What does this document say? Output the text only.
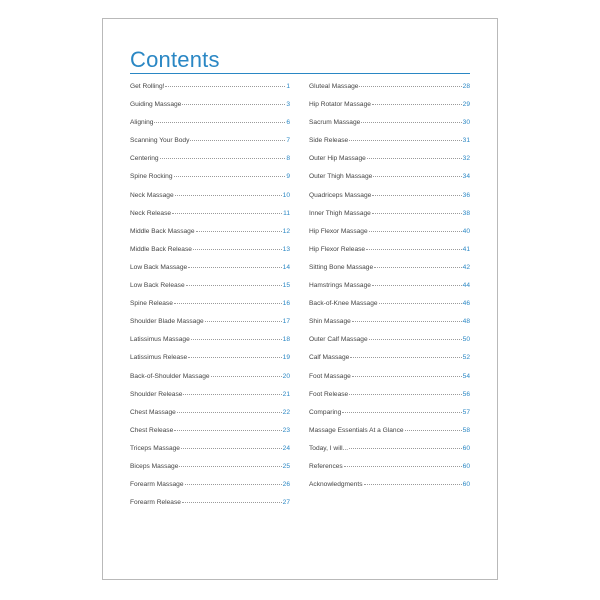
Contents
Get Rolling!	1
Guiding Massage	3
Aligning	6
Scanning Your Body	7
Centering	8
Spine Rocking	9
Neck Massage	10
Neck Release	11
Middle Back Massage	12
Middle Back Release	13
Low Back Massage	14
Low Back Release	15
Spine Release	16
Shoulder Blade Massage	17
Latissimus Massage	18
Latissimus Release	19
Back-of-Shoulder Massage	20
Shoulder Release	21
Chest Massage	22
Chest Release	23
Triceps Massage	24
Biceps Massage	25
Forearm Massage	26
Forearm Release	27
Gluteal Massage	28
Hip Rotator Massage	29
Sacrum Massage	30
Side Release	31
Outer Hip Massage	32
Outer Thigh Massage	34
Quadriceps Massage	36
Inner Thigh Massage	38
Hip Flexor Massage	40
Hip Flexor Release	41
Sitting Bone Massage	42
Hamstrings Massage	44
Back-of-Knee Massage	46
Shin Massage	48
Outer Calf Massage	50
Calf Massage	52
Foot Massage	54
Foot Release	56
Comparing	57
Massage Essentials At a Glance	58
Today, I will...	60
References	60
Acknowledgments	60
